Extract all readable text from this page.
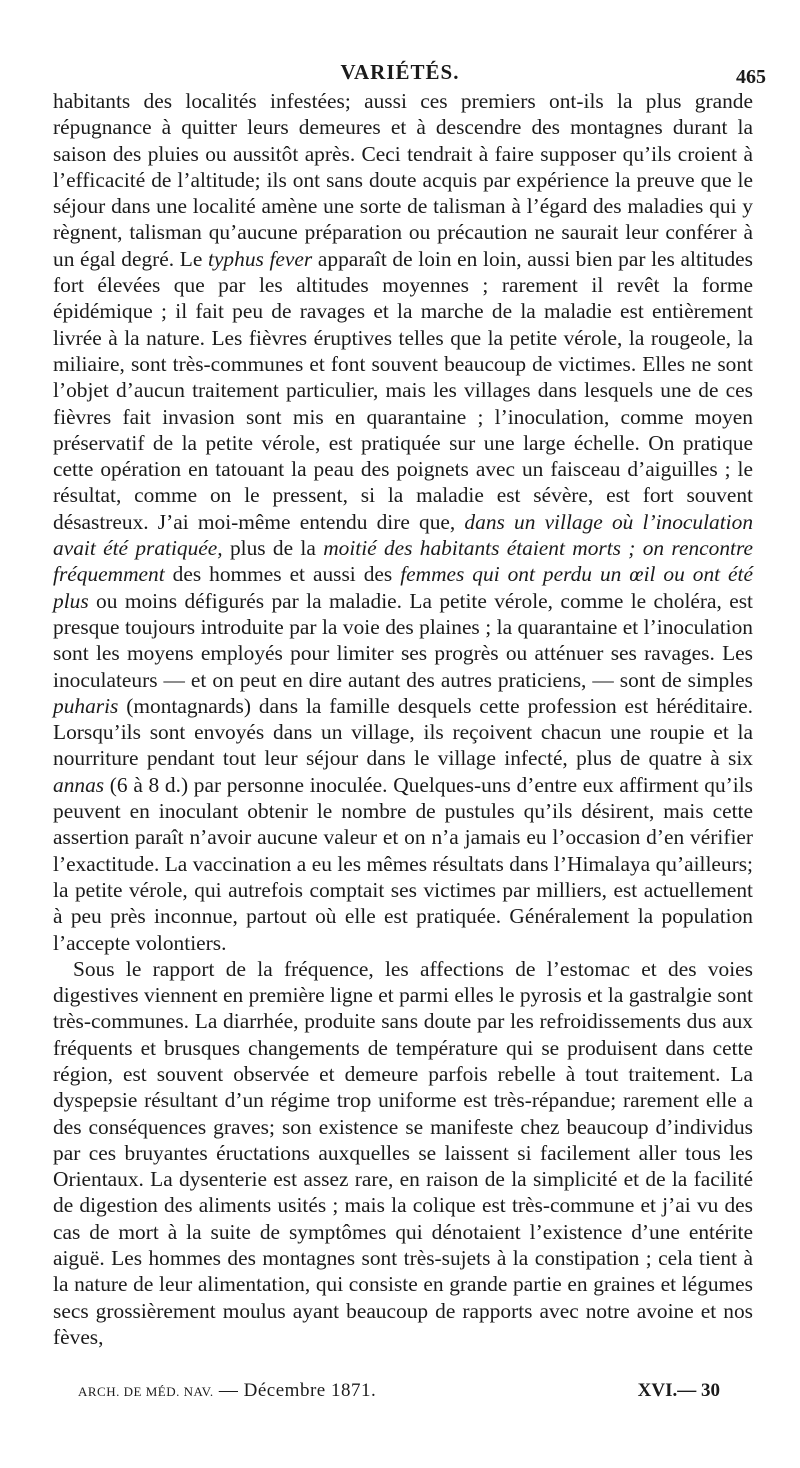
VARIÉTÉS.	465

habitants des localités infestées; aussi ces premiers ont-ils la plus grande répugnance à quitter leurs demeures et à descendre des montagnes durant la saison des pluies ou aussitôt après. Ceci tendrait à faire supposer qu’ils croient à l’efficacité de l’altitude; ils ont sans doute acquis par expérience la preuve que le séjour dans une localité amène une sorte de talisman à l’égard des maladies qui y règnent, talisman qu’aucune préparation ou précaution ne saurait leur conférer à un égal degré. Le typhus fever apparaît de loin en loin, aussi bien par les altitudes fort élevées que par les altitudes moyennes ; rarement il revêt la forme épidémique ; il fait peu de ravages et la marche de la maladie est entièrement livrée à la nature. Les fièvres éruptives telles que la petite vérole, la rougeole, la miliaire, sont très-communes et font souvent beaucoup de victimes. Elles ne sont l’objet d’aucun traitement particulier, mais les villages dans lesquels une de ces fièvres fait invasion sont mis en quarantaine ; l’inoculation, comme moyen préservatif de la petite vérole, est pratiquée sur une large échelle. On pratique cette opération en tatouant la peau des poignets avec un faisceau d’aiguilles ; le résultat, comme on le pressent, si la maladie est sévère, est fort souvent désastreux. J’ai moi-même entendu dire que, dans un village où l’inoculation avait été pratiquée, plus de la moitié des habitants étaient morts ; on rencontre fréquemment des hommes et aussi des femmes qui ont perdu un œil ou ont été plus ou moins défigurés par la maladie. La petite vérole, comme le choléra, est presque toujours introduite par la voie des plaines ; la quarantaine et l’inoculation sont les moyens employés pour limiter ses progrès ou atténuer ses ravages. Les inoculateurs — et on peut en dire autant des autres praticiens, — sont de simples puharis (montagnards) dans la famille desquels cette profession est héréditaire. Lorsqu’ils sont envoyés dans un village, ils reçoivent chacun une roupie et la nourriture pendant tout leur séjour dans le village infecté, plus de quatre à six annas (6 à 8 d.) par personne inoculée. Quelques-uns d’entre eux affirment qu’ils peuvent en inoculant obtenir le nombre de pustules qu’ils désirent, mais cette assertion paraît n’avoir aucune valeur et on n’a jamais eu l’occasion d’en vérifier l’exactitude. La vaccination a eu les mêmes résultats dans l’Himalaya qu’ailleurs; la petite vérole, qui autrefois comptait ses victimes par milliers, est actuellement à peu près inconnue, partout où elle est pratiquée. Généralement la population l’accepte volontiers.

Sous le rapport de la fréquence, les affections de l’estomac et des voies digestives viennent en première ligne et parmi elles le pyrosis et la gastralgie sont très-communes. La diarrhée, produite sans doute par les refroidissements dus aux fréquents et brusques changements de température qui se produisent dans cette région, est souvent observée et demeure parfois rebelle à tout traitement. La dyspepsie résultant d’un régime trop uniforme est très-répandue; rarement elle a des conséquences graves; son existence se manifeste chez beaucoup d’individus par ces bruyantes éructations auxquelles se laissent si facilement aller tous les Orientaux. La dysenterie est assez rare, en raison de la simplicité et de la facilité de digestion des aliments usités ; mais la colique est très-commune et j’ai vu des cas de mort à la suite de symptômes qui dénotaient l’existence d’une entérite aiguë. Les hommes des montagnes sont très-sujets à la constipation ; cela tient à la nature de leur alimentation, qui consiste en grande partie en graines et légumes secs grossièrement moulus ayant beaucoup de rapports avec notre avoine et nos fèves,

ARCH. DE MÉD. NAV. — Décembre 1871.	XVI.— 30
